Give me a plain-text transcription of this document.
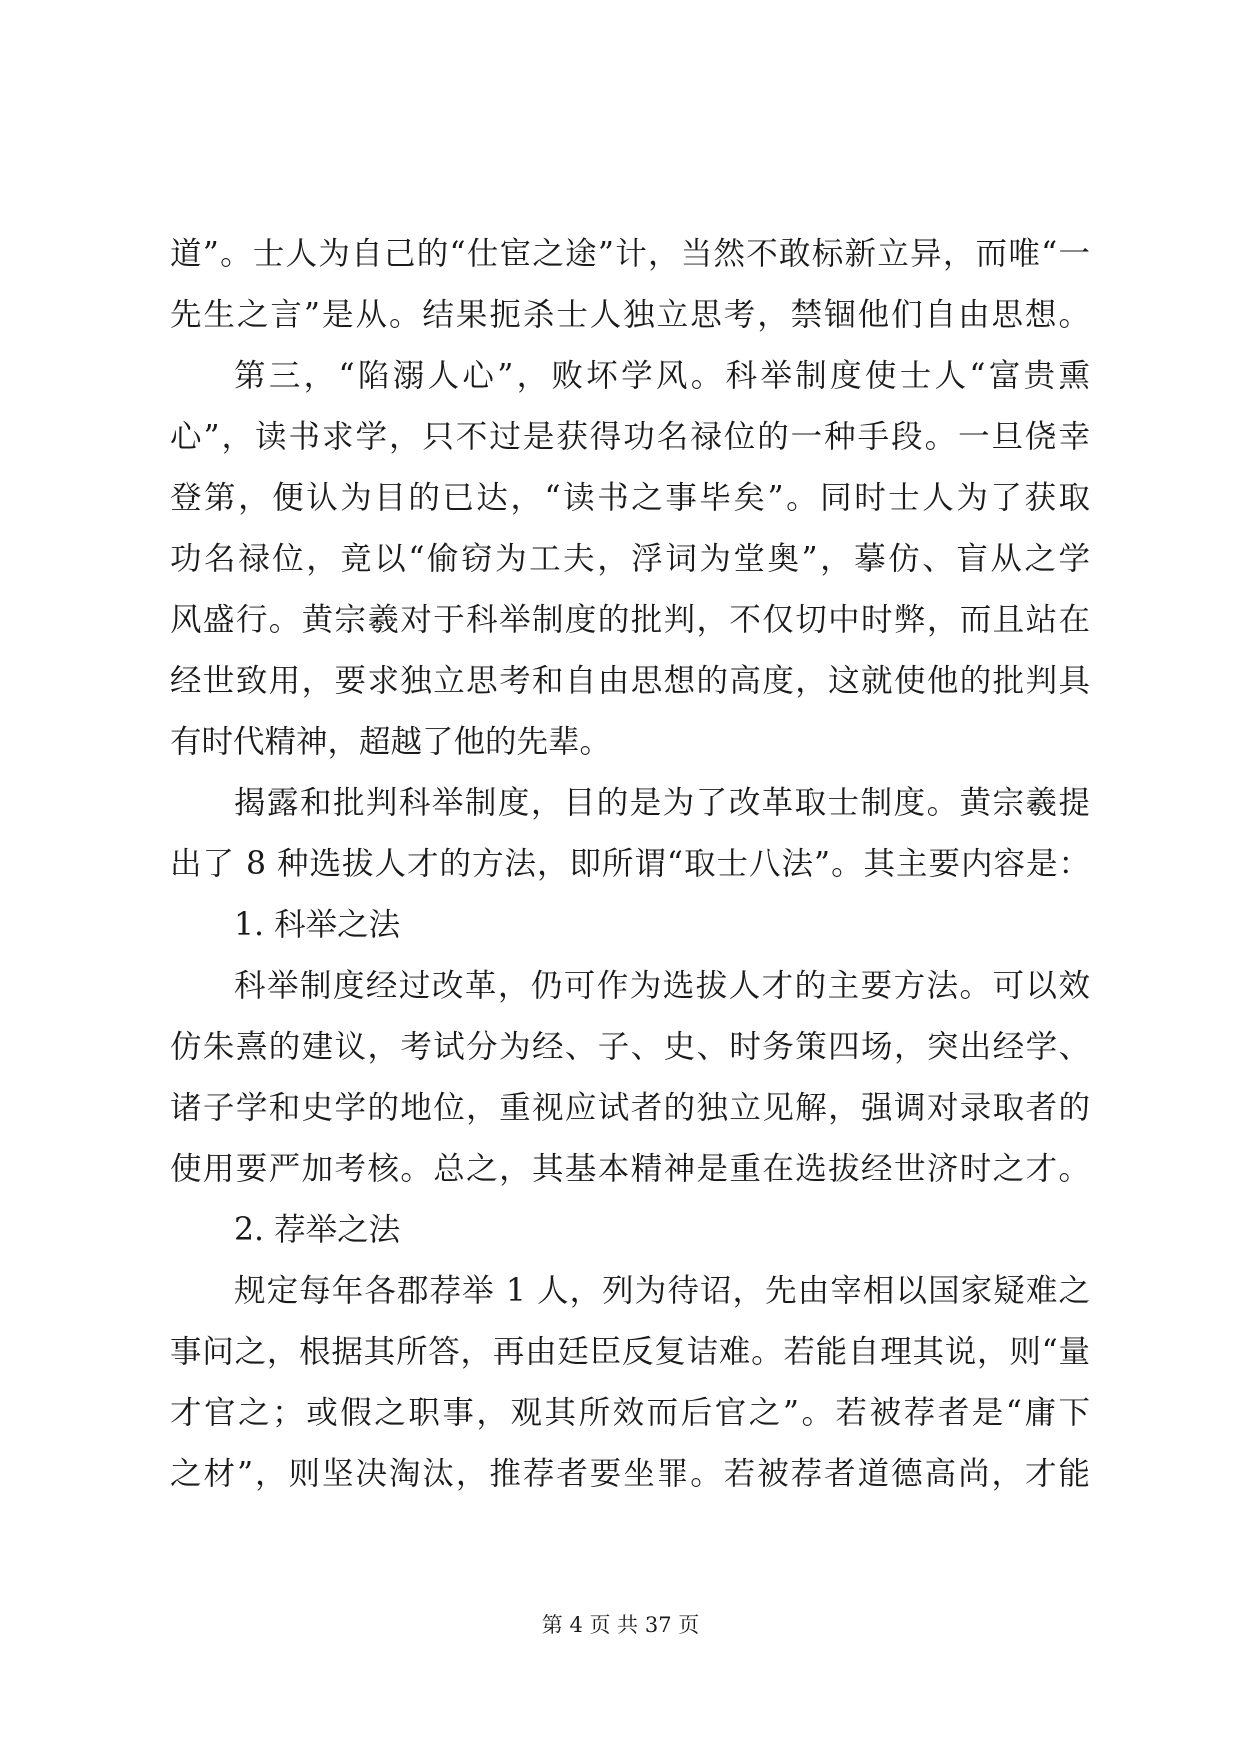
道”。士人为自己的“仕宦之途”计，当然不敢标新立异，而唯“一
先生之言”是从。结果扼杀士人独立思考，禁锢他们自由思想。
第三，“陷溺人心”，败坏学风。科举制度使士人“富贵熏
心”，读书求学，只不过是获得功名禄位的一种手段。一旦侥幸
登第，便认为目的已达，“读书之事毕矣”。同时士人为了获取
功名禄位，竟以“偷窃为工夫，浮词为堂奥”，摹仿、盲从之学
风盛行。黄宗羲对于科举制度的批判，不仅切中时弊，而且站在
经世致用，要求独立思考和自由思想的高度，这就使他的批判具
有时代精神，超越了他的先辈。
揭露和批判科举制度，目的是为了改革取士制度。黄宗羲提
出了 8 种选拔人才的方法，即所谓“取士八法”。其主要内容是：
1. 科举之法
科举制度经过改革，仍可作为选拔人才的主要方法。可以效
仿朱熹的建议，考试分为经、子、史、时务策四场，突出经学、
诸子学和史学的地位，重视应试者的独立见解，强调对录取者的
使用要严加考核。总之，其基本精神是重在选拔经世济时之才。
2. 荐举之法
规定每年各郡荐举 1 人，列为待诏，先由宰相以国家疑难之
事问之，根据其所答，再由廷臣反复诘难。若能自理其说，则“量
才官之；或假之职事，观其所效而后官之”。若被荐者是“庸下
之材”，则坚决淘汰，推荐者要坐罪。若被荐者道德高尚，才能
第 4 页 共 37 页
